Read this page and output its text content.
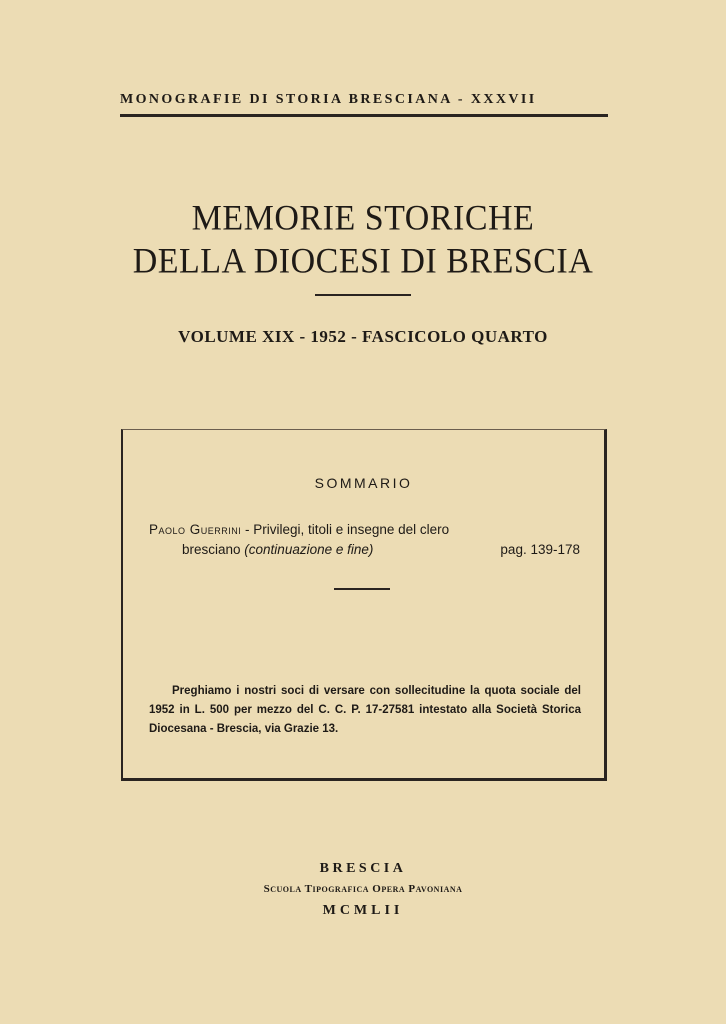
MONOGRAFIE DI STORIA BRESCIANA - XXXVII
MEMORIE STORICHE
DELLA DIOCESI DI BRESCIA
VOLUME XIX - 1952 - FASCICOLO QUARTO
SOMMARIO
Paolo Guerrini - Privilegi, titoli e insegne del clero
bresciano (continuazione e fine)	pag. 139-178
Preghiamo i nostri soci di versare con sollecitudine la quota sociale del 1952 in L. 500 per mezzo del C. C. P. 17-27581 intestato alla Società Storica Diocesana - Brescia, via Grazie 13.
BRESCIA
Scuola Tipografica Opera Pavoniana
MCMLII
